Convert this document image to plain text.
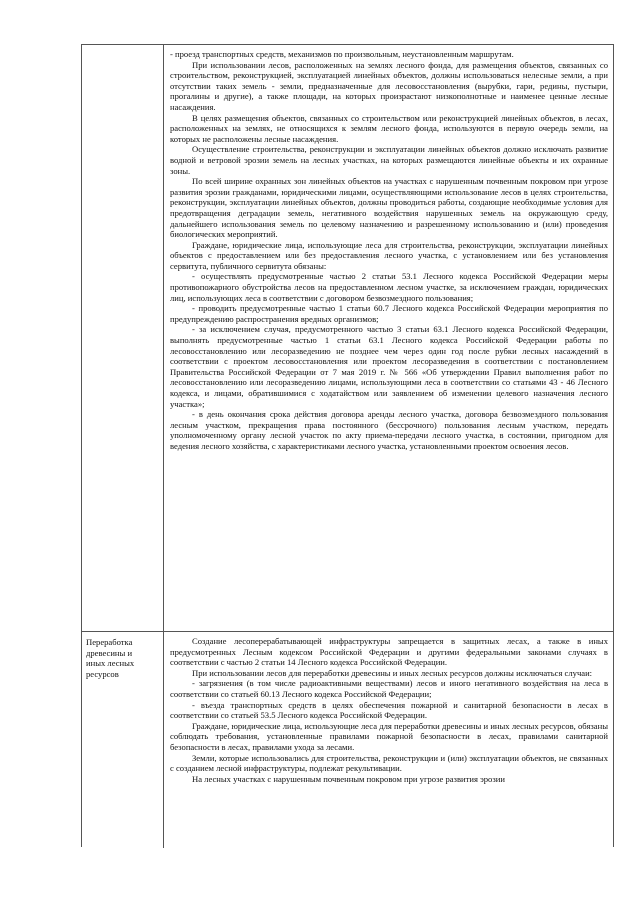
- проезд транспортных средств, механизмов по произвольным, неустановленным маршрутам.

При использовании лесов, расположенных на землях лесного фонда, для размещения объектов, связанных со строительством, реконструкцией, эксплуатацией линейных объектов, должны использоваться нелесные земли, а при отсутствии таких земель - земли, предназначенные для лесовосстановления (вырубки, гари, редины, пустыри, прогалины и другие), а также площади, на которых произрастают низкополнотные и наименее ценные лесные насаждения.

В целях размещения объектов, связанных со строительством или реконструкцией линейных объектов, в лесах, расположенных на землях, не относящихся к землям лесного фонда, используются в первую очередь земли, на которых не расположены лесные насаждения.

Осуществление строительства, реконструкции и эксплуатации линейных объектов должно исключать развитие водной и ветровой эрозии земель на лесных участках, на которых размещаются линейные объекты и их охранные зоны.

По всей ширине охранных зон линейных объектов на участках с нарушенным почвенным покровом при угрозе развития эрозии гражданами, юридическими лицами, осуществляющими использование лесов в целях строительства, реконструкции, эксплуатации линейных объектов, должны проводиться работы, создающие необходимые условия для предотвращения деградации земель, негативного воздействия нарушенных земель на окружающую среду, дальнейшего использования земель по целевому назначению и разрешенному использованию и (или) проведения биологических мероприятий.

Граждане, юридические лица, использующие леса для строительства, реконструкции, эксплуатации линейных объектов с предоставлением или без предоставления лесного участка, с установлением или без установления сервитута, публичного сервитута обязаны:

- осуществлять предусмотренные частью 2 статьи 53.1 Лесного кодекса Российской Федерации меры противопожарного обустройства лесов на предоставленном лесном участке, за исключением граждан, юридических лиц, использующих леса в соответствии с договором безвозмездного пользования;

- проводить предусмотренные частью 1 статьи 60.7 Лесного кодекса Российской Федерации мероприятия по предупреждению распространения вредных организмов;

- за исключением случая, предусмотренного частью 3 статьи 63.1 Лесного кодекса Российской Федерации, выполнять предусмотренные частью 1 статьи 63.1 Лесного кодекса Российской Федерации работы по лесовосстановлению или лесоразведению не позднее чем через один год после рубки лесных насаждений в соответствии с проектом лесовосстановления или проектом лесоразведения в соответствии с постановлением Правительства Российской Федерации от 7 мая 2019 г. № 566 «Об утверждении Правил выполнения работ по лесовосстановлению или лесоразведению лицами, использующими леса в соответствии со статьями 43 - 46 Лесного кодекса, и лицами, обратившимися с ходатайством или заявлением об изменении целевого назначения лесного участка»;

- в день окончания срока действия договора аренды лесного участка, договора безвозмездного пользования лесным участком, прекращения права постоянного (бессрочного) пользования лесным участком, передать уполномоченному органу лесной участок по акту приема-передачи лесного участка, в состоянии, пригодном для ведения лесного хозяйства, с характеристиками лесного участка, установленными проектом освоения лесов.

Переработка
древесины и
иных лесных
ресурсов

Создание лесоперерабатывающей инфраструктуры запрещается в защитных лесах, а также в иных предусмотренных Лесным кодексом Российской Федерации и другими федеральными законами случаях в соответствии с частью 2 статьи 14 Лесного кодекса Российской Федерации.

При использовании лесов для переработки древесины и иных лесных ресурсов должны исключаться случаи:

- загрязнения (в том числе радиоактивными веществами) лесов и иного негативного воздействия на леса в соответствии со статьей 60.13 Лесного кодекса Российской Федерации;

- въезда транспортных средств в целях обеспечения пожарной и санитарной безопасности в лесах в соответствии со статьей 53.5 Лесного кодекса Российской Федерации.

Граждане, юридические лица, использующие леса для переработки древесины и иных лесных ресурсов, обязаны соблюдать требования, установленные правилами пожарной безопасности в лесах, правилами санитарной безопасности в лесах, правилами ухода за лесами.

Земли, которые использовались для строительства, реконструкции и (или) эксплуатации объектов, не связанных с созданием лесной инфраструктуры, подлежат рекультивации.

На лесных участках с нарушенным почвенным покровом при угрозе развития эрозии
